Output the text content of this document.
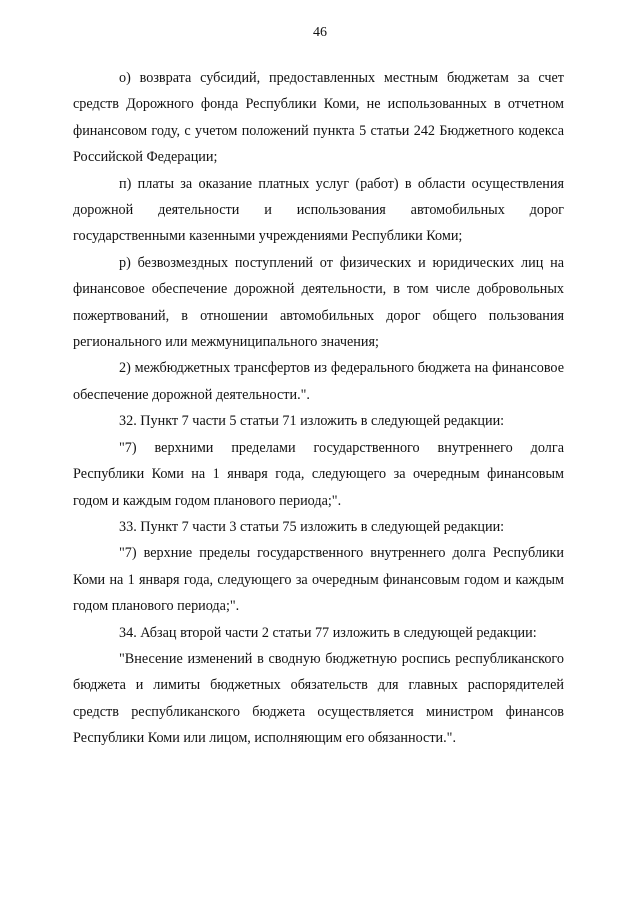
46

о) возврата субсидий, предоставленных местным бюджетам за счет средств Дорожного фонда Республики Коми, не использованных в отчетном финансовом году, с учетом положений пункта 5 статьи 242 Бюджетного кодекса Российской Федерации;

п) платы за оказание платных услуг (работ) в области осуществления дорожной деятельности и использования автомобильных дорог государственными казенными учреждениями Республики Коми;

р) безвозмездных поступлений от физических и юридических лиц на финансовое обеспечение дорожной деятельности, в том числе добровольных пожертвований, в отношении автомобильных дорог общего пользования регионального или межмуниципального значения;

2) межбюджетных трансфертов из федерального бюджета на финансовое обеспечение дорожной деятельности.".

32. Пункт 7 части 5 статьи 71 изложить в следующей редакции:

"7) верхними пределами государственного внутреннего долга Республики Коми на 1 января года, следующего за очередным финансовым годом и каждым годом планового периода;".

33. Пункт 7 части 3 статьи 75 изложить в следующей редакции:

"7) верхние пределы государственного внутреннего долга Республики Коми на 1 января года, следующего за очередным финансовым годом и каждым годом планового периода;".

34. Абзац второй части 2 статьи 77 изложить в следующей редакции:

"Внесение изменений в сводную бюджетную роспись республиканского бюджета и лимиты бюджетных обязательств для главных распорядителей средств республиканского бюджета осуществляется министром финансов Республики Коми или лицом, исполняющим его обязанности.".
